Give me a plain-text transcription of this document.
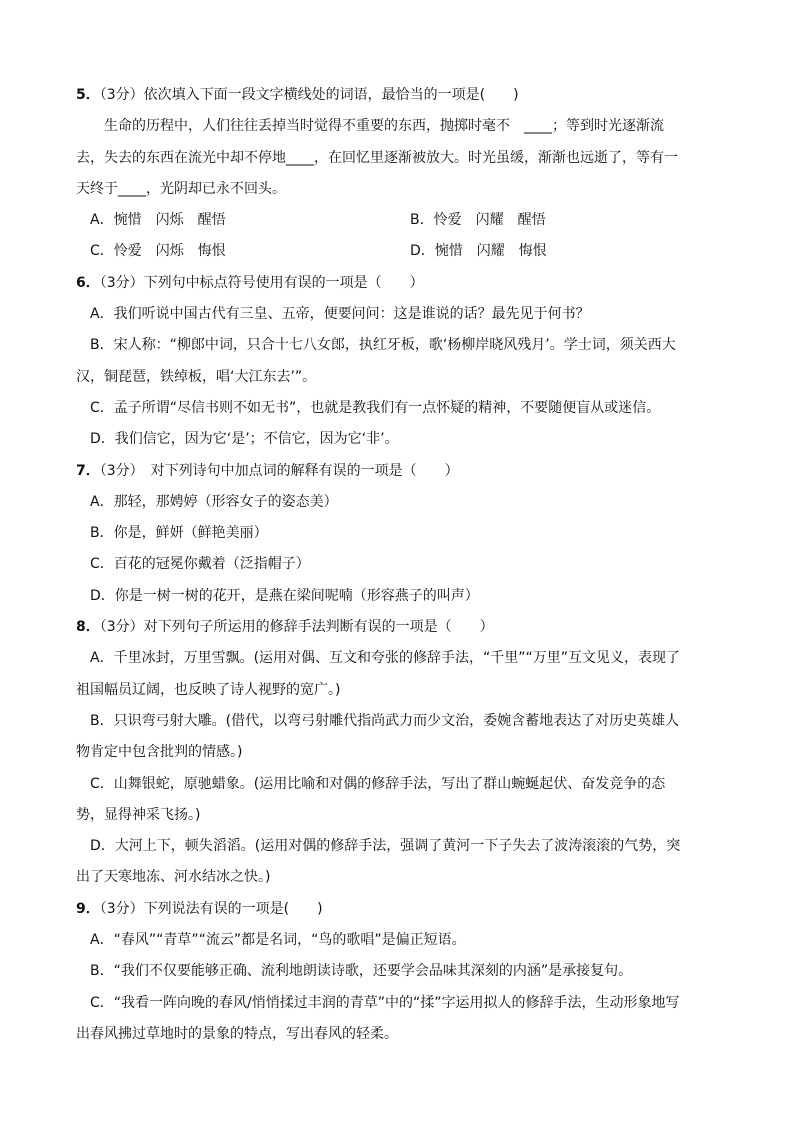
5．（3分）依次填入下面一段文字横线处的词语，最恰当的一项是(　　)
生命的历程中，人们往往丢掉当时觉得不重要的东西，抛掷时毫不　____；等到时光逐渐流
去，失去的东西在流光中却不停地____，在回忆里逐渐被放大。时光虽缓，渐渐也远逝了，等有一
天终于____，光阴却已永不回头。
A．惋惜　闪烁　醒悟	B．怜爱　闪耀　醒悟
C．怜爱　闪烁　悔恨	D．惋惜　闪耀　悔恨
6．（3分）下列句中标点符号使用有误的一项是（　　）
A．我们听说中国古代有三皇、五帝，便要问问：这是谁说的话？最先见于何书？
B．宋人称：“柳郎中词，只合十七八女郎，执红牙板，歌‘杨柳岸晓风残月’。学士词，须关西大
汉，铜琵琶，铁绰板，唱‘大江东去’”。
C．孟子所谓“尽信书则不如无书”，也就是教我们有一点怀疑的精神，不要随便盲从或迷信。
D．我们信它，因为它‘是’；不信它，因为它‘非’。
7．（3分）　对下列诗句中加点词的解释有误的一项是（　　）
A．那轻，那娉婷（形容女子的姿态美）
B．你是，鲜妍（鲜艳美丽）
C．百花的冠冕你戴着（泛指帽子）
D．你是一树一树的花开，是燕在梁间呢喃（形容燕子的叫声）
8．（3分）对下列句子所运用的修辞手法判断有误的一项是（　　）
A．千里冰封，万里雪飘。(运用对偶、互文和夸张的修辞手法，“千里”“万里”互文见义，表现了
祖国幅员辽阔，也反映了诗人视野的宽广。)
B．只识弯弓射大雕。(借代，以弯弓射雕代指尚武力而少文治，委婉含蓄地表达了对历史英雄人
物肯定中包含批判的情感。)
C．山舞银蛇，原驰蜡象。(运用比喻和对偶的修辞手法，写出了群山蜿蜒起伏、奋发竞争的态
势，显得神采飞扬。)
D．大河上下，顿失滔滔。(运用对偶的修辞手法，强调了黄河一下子失去了波涛滚滚的气势，突
出了天寒地冻、河水结冰之快。)
9．（3分）下列说法有误的一项是(　　)
A．“春风”“青草”“流云”都是名词，“鸟的歌唱”是偏正短语。
B．“我们不仅要能够正确、流利地朗读诗歌，还要学会品味其深刻的内涵”是承接复句。
C．“我看一阵向晚的春风/悄悄揉过丰润的青草”中的“揉”字运用拟人的修辞手法，生动形象地写
出春风拂过草地时的景象的特点，写出春风的轻柔。
